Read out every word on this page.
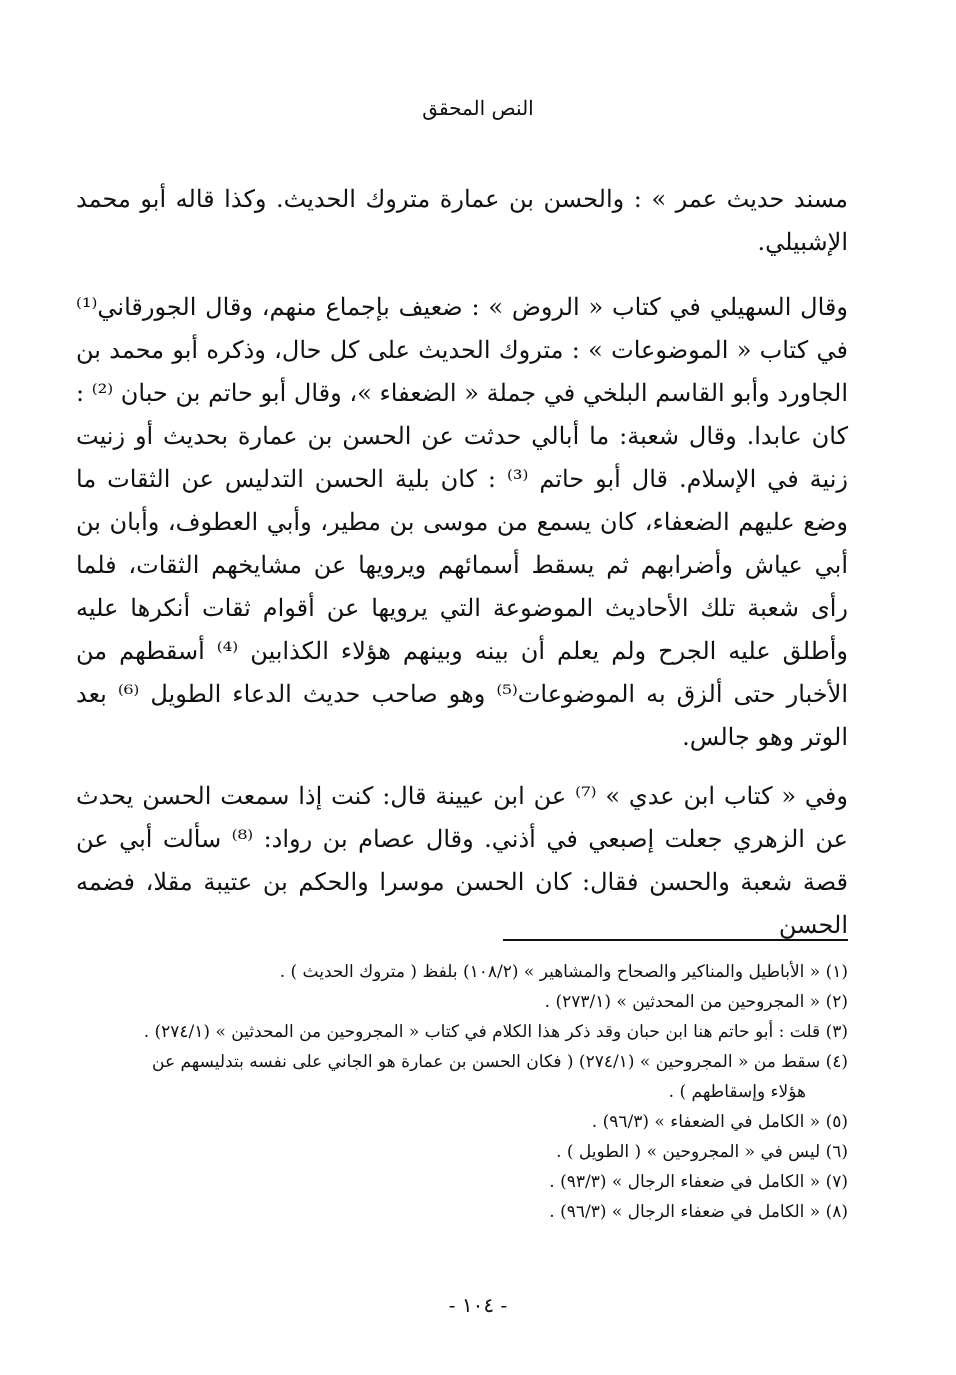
النص المحقق

مسند حديث عمر » : والحسن بن عمارة متروك الحديث. وكذا قاله أبو محمد الإشبيلي.

وقال السهيلي في كتاب « الروض » : ضعيف بإجماع منهم، وقال الجورقاني⁽¹⁾ في كتاب « الموضوعات » : متروك الحديث على كل حال، وذكره أبو محمد بن الجاورد وأبو القاسم البلخي في جملة « الضعفاء »، وقال أبو حاتم بن حبان ⁽²⁾ : كان عابدا. وقال شعبة: ما أبالي حدثت عن الحسن بن عمارة بحديث أو زنيت زنية في الإسلام. قال أبو حاتم ⁽³⁾ : كان بلية الحسن التدليس عن الثقات ما وضع عليهم الضعفاء، كان يسمع من موسى بن مطير، وأبي العطوف، وأبان بن أبي عياش وأضرابهم ثم يسقط أسمائهم ويرويها عن مشايخهم الثقات، فلما رأى شعبة تلك الأحاديث الموضوعة التي يرويها عن أقوام ثقات أنكرها عليه وأطلق عليه الجرح ولم يعلم أن بينه وبينهم هؤلاء الكذابين ⁽⁴⁾ أسقطهم من الأخبار حتى ألزق به الموضوعات⁽⁵⁾ وهو صاحب حديث الدعاء الطويل ⁽⁶⁾ بعد الوتر وهو جالس.

وفي « كتاب ابن عدي » ⁽⁷⁾ عن ابن عيينة قال: كنت إذا سمعت الحسن يحدث عن الزهري جعلت إصبعي في أذني. وقال عصام بن رواد: ⁽⁸⁾ سألت أبي عن قصة شعبة والحسن فقال: كان الحسن موسرا والحكم بن عتيبة مقلا، فضمه الحسن

(١) « الأباطيل والمناكير والصحاح والمشاهير » (١٠٨/٢) بلفظ ( متروك الحديث ) .

(٢) « المجروحين من المحدثين » (٢٧٣/١) .

(٣) قلت : أبو حاتم هنا ابن حبان وقد ذكر هذا الكلام في كتاب « المجروحين من المحدثين » (٢٧٤/١) .

(٤) سقط من « المجروحين » (٢٧٤/١) ( فكان الحسن بن عمارة هو الجاني على نفسه بتدليسهم عن

هؤلاء وإسقاطهم ) .

(٥) « الكامل في الضعفاء » (٩٦/٣) .

(٦) ليس في « المجروحين » ( الطويل ) .

(٧) « الكامل في ضعفاء الرجال » (٩٣/٣) .

(٨) « الكامل في ضعفاء الرجال » (٩٦/٣) .

- ١٠٤ -
